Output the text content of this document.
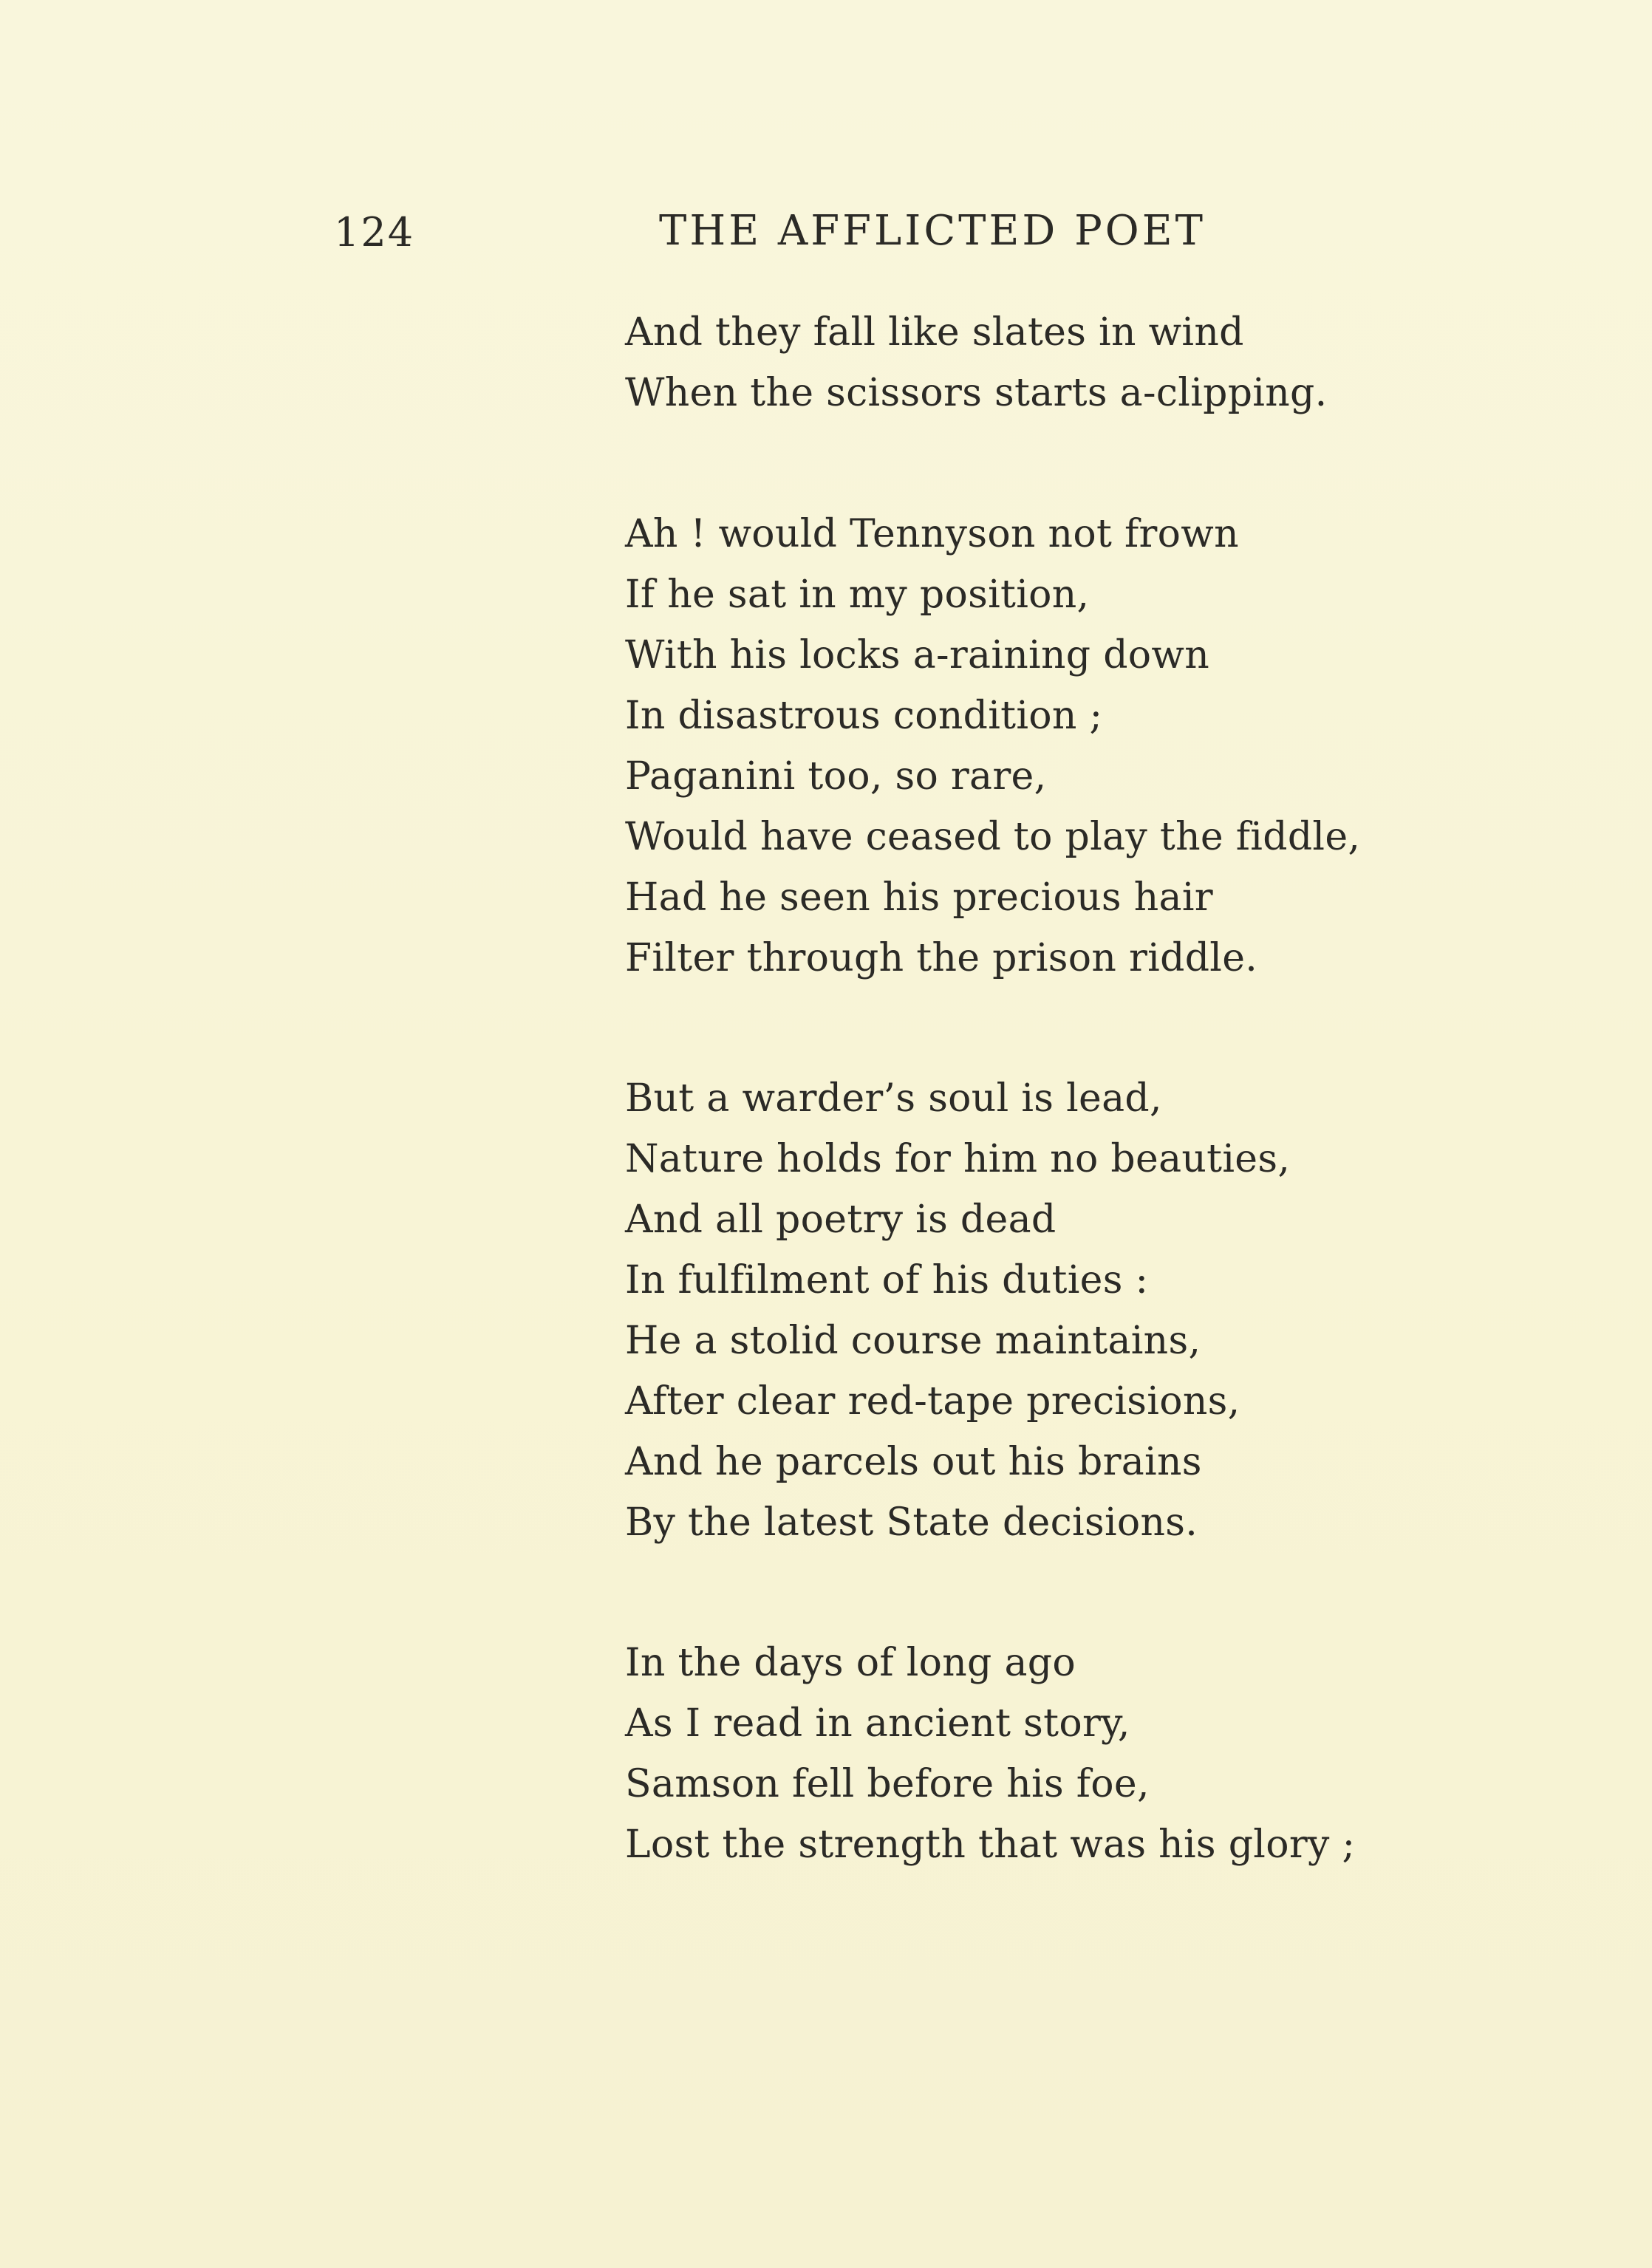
124	THE AFFLICTED POET
And they fall like slates in wind
When the scissors starts a-clipping.
Ah ! would Tennyson not frown
If he sat in my position,
With his locks a-raining down
In disastrous condition ;
Paganini too, so rare,
Would have ceased to play the fiddle,
Had he seen his precious hair
Filter through the prison riddle.
But a warder’s soul is lead,
Nature holds for him no beauties,
And all poetry is dead
In fulfilment of his duties :
He a stolid course maintains,
After clear red-tape precisions,
And he parcels out his brains
By the latest State decisions.
In the days of long ago
As I read in ancient story,
Samson fell before his foe,
Lost the strength that was his glory ;
